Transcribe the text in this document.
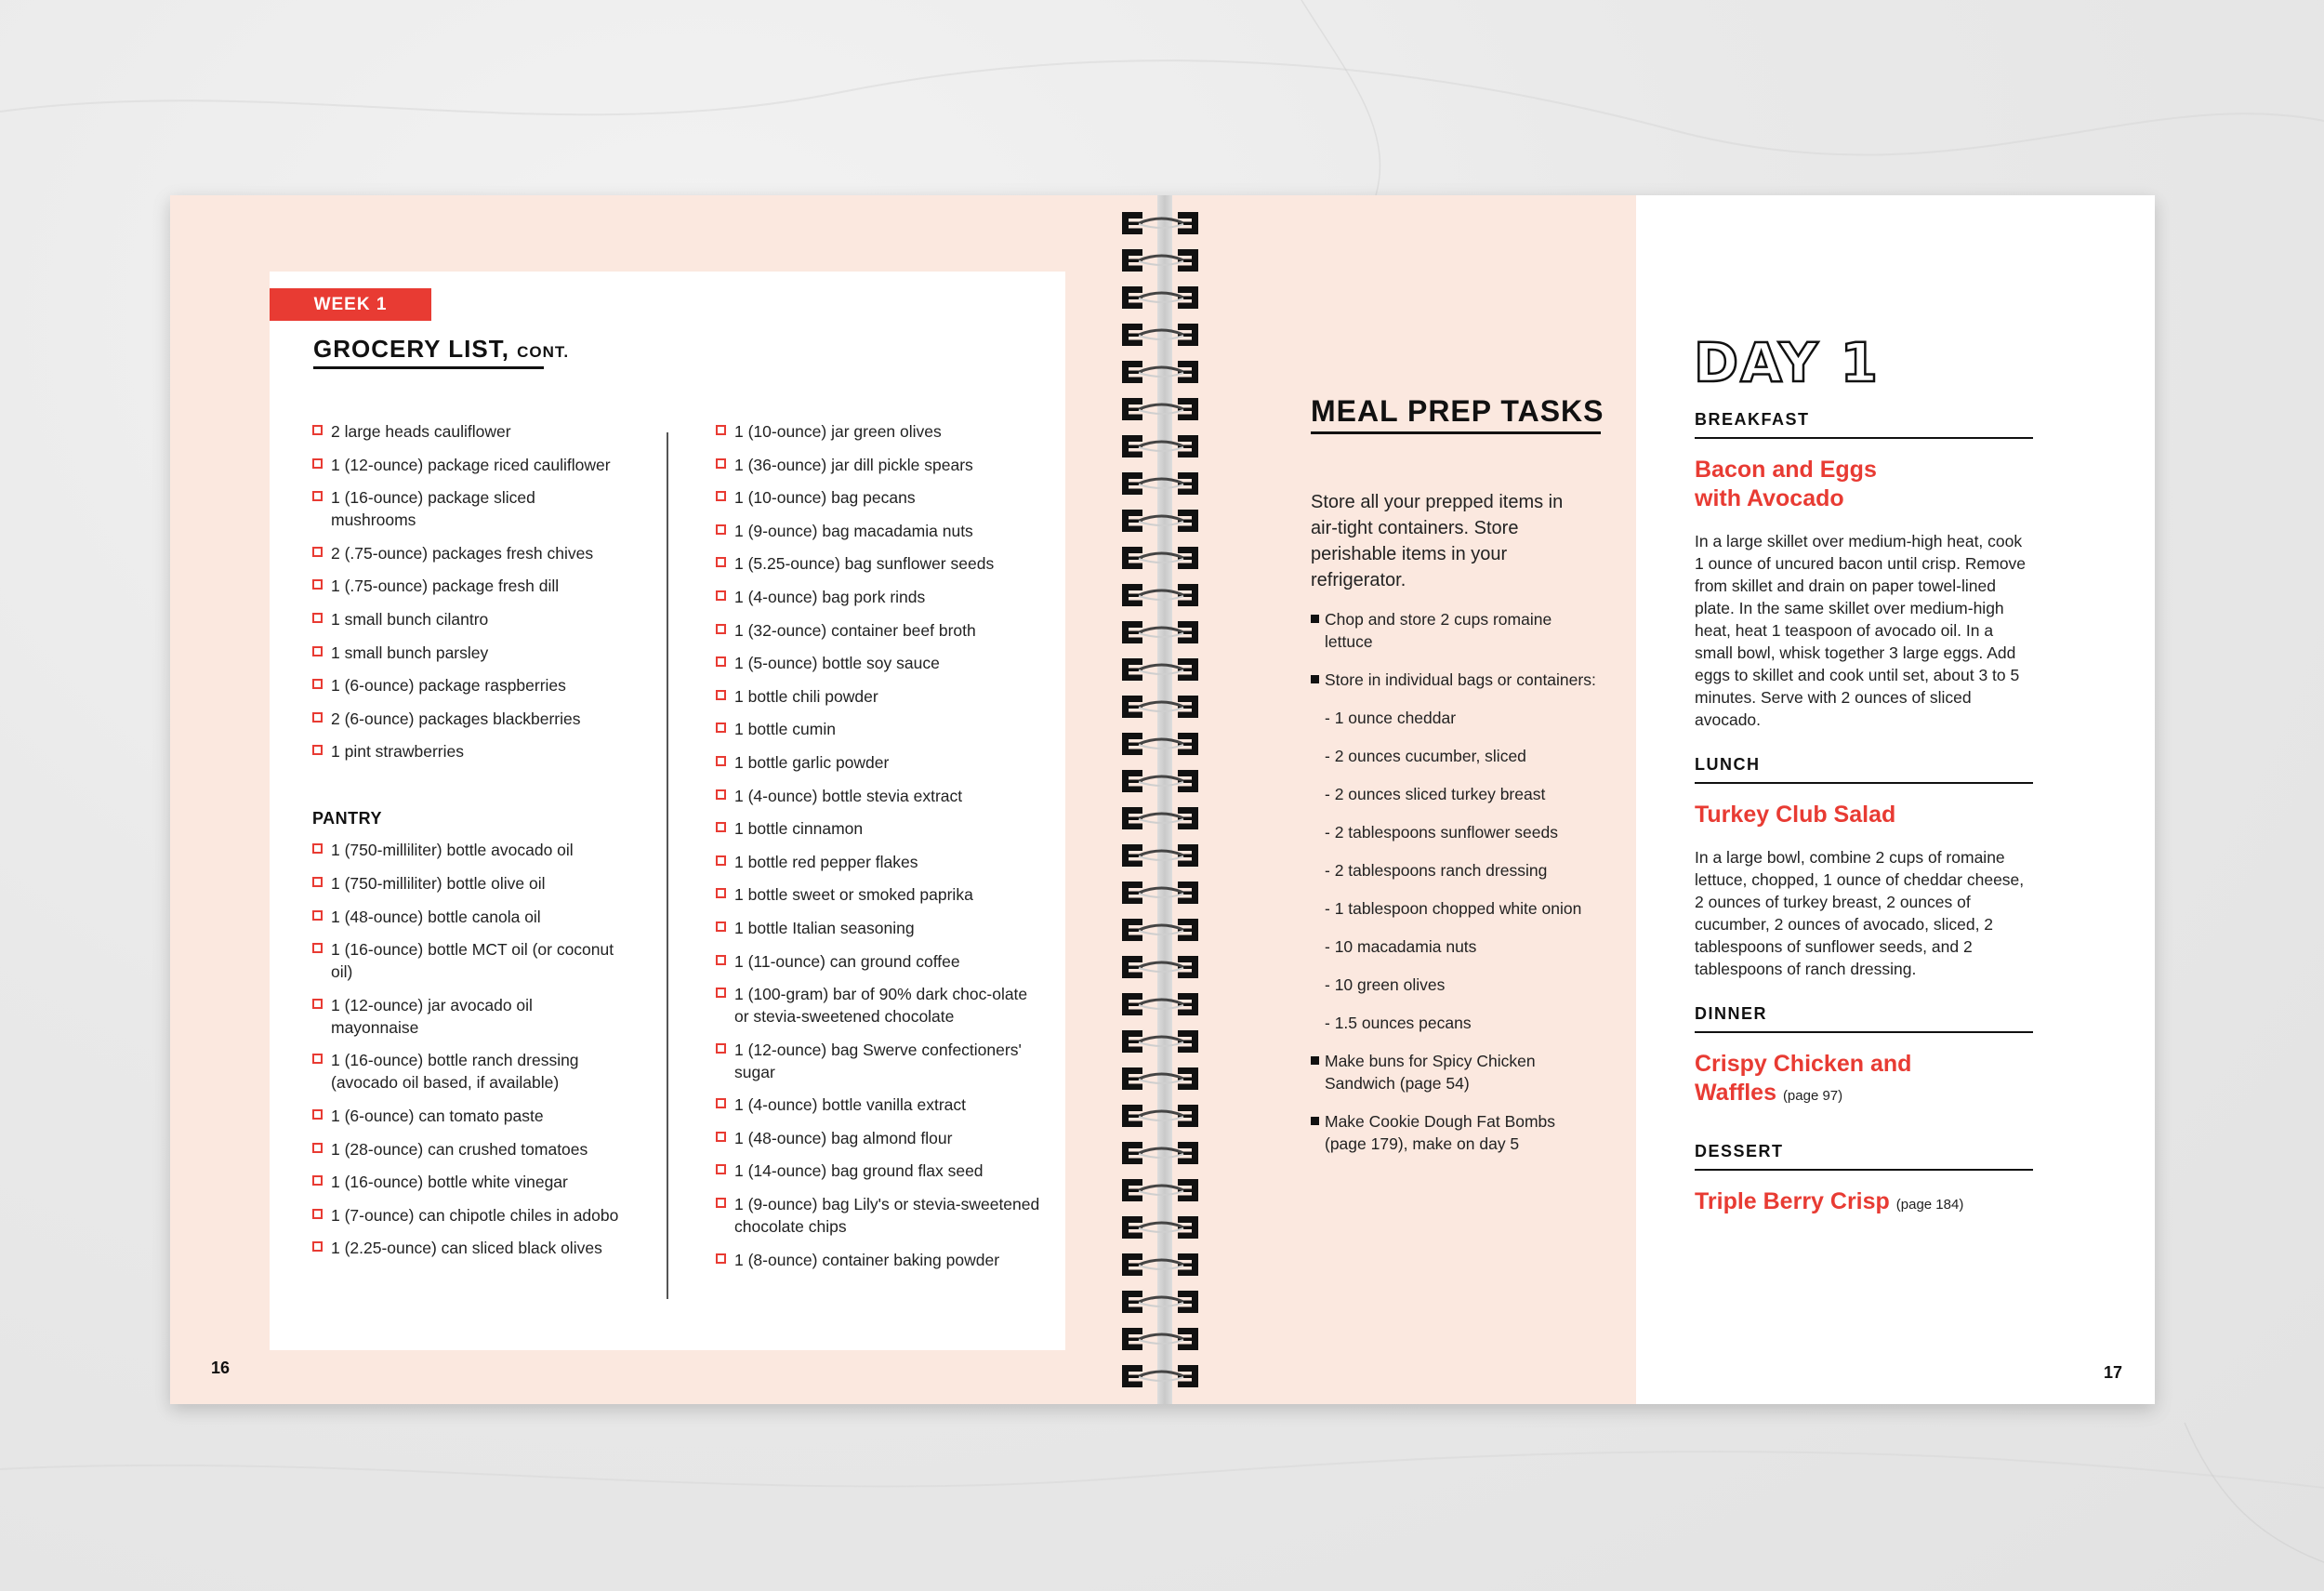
WEEK 1
GROCERY LIST, CONT.
2 large heads cauliflower
1 (12-ounce) package riced cauliflower
1 (16-ounce) package sliced mushrooms
2 (.75-ounce) packages fresh chives
1 (.75-ounce) package fresh dill
1 small bunch cilantro
1 small bunch parsley
1 (6-ounce) package raspberries
2 (6-ounce) packages blackberries
1 pint strawberries
PANTRY
1 (750-milliliter) bottle avocado oil
1 (750-milliliter) bottle olive oil
1 (48-ounce) bottle canola oil
1 (16-ounce) bottle MCT oil (or coconut oil)
1 (12-ounce) jar avocado oil mayonnaise
1 (16-ounce) bottle ranch dressing (avocado oil based, if available)
1 (6-ounce) can tomato paste
1 (28-ounce) can crushed tomatoes
1 (16-ounce) bottle white vinegar
1 (7-ounce) can chipotle chiles in adobo
1 (2.25-ounce) can sliced black olives
1 (10-ounce) jar green olives
1 (36-ounce) jar dill pickle spears
1 (10-ounce) bag pecans
1 (9-ounce) bag macadamia nuts
1 (5.25-ounce) bag sunflower seeds
1 (4-ounce) bag pork rinds
1 (32-ounce) container beef broth
1 (5-ounce) bottle soy sauce
1 bottle chili powder
1 bottle cumin
1 bottle garlic powder
1 (4-ounce) bottle stevia extract
1 bottle cinnamon
1 bottle red pepper flakes
1 bottle sweet or smoked paprika
1 bottle Italian seasoning
1 (11-ounce) can ground coffee
1 (100-gram) bar of 90% dark choc-olate or stevia-sweetened chocolate
1 (12-ounce) bag Swerve confectioners' sugar
1 (4-ounce) bottle vanilla extract
1 (48-ounce) bag almond flour
1 (14-ounce) bag ground flax seed
1 (9-ounce) bag Lily's or stevia-sweetened chocolate chips
1 (8-ounce) container baking powder
16
MEAL PREP TASKS
Store all your prepped items in air-tight containers. Store perishable items in your refrigerator.
Chop and store 2 cups romaine lettuce
Store in individual bags or containers:
- 1 ounce cheddar
- 2 ounces cucumber, sliced
- 2 ounces sliced turkey breast
- 2 tablespoons sunflower seeds
- 2 tablespoons ranch dressing
- 1 tablespoon chopped white onion
- 10 macadamia nuts
- 10 green olives
- 1.5 ounces pecans
Make buns for Spicy Chicken Sandwich (page 54)
Make Cookie Dough Fat Bombs (page 179), make on day 5
DAY 1
BREAKFAST
Bacon and Eggs with Avocado
In a large skillet over medium-high heat, cook 1 ounce of uncured bacon until crisp. Remove from skillet and drain on paper towel-lined plate. In the same skillet over medium-high heat, heat 1 teaspoon of avocado oil. In a small bowl, whisk together 3 large eggs. Add eggs to skillet and cook until set, about 3 to 5 minutes. Serve with 2 ounces of sliced avocado.
LUNCH
Turkey Club Salad
In a large bowl, combine 2 cups of romaine lettuce, chopped, 1 ounce of cheddar cheese, 2 ounces of turkey breast, 2 ounces of cucumber, 2 ounces of avocado, sliced, 2 tablespoons of sunflower seeds, and 2 tablespoons of ranch dressing.
DINNER
Crispy Chicken and Waffles (page 97)
DESSERT
Triple Berry Crisp (page 184)
17
